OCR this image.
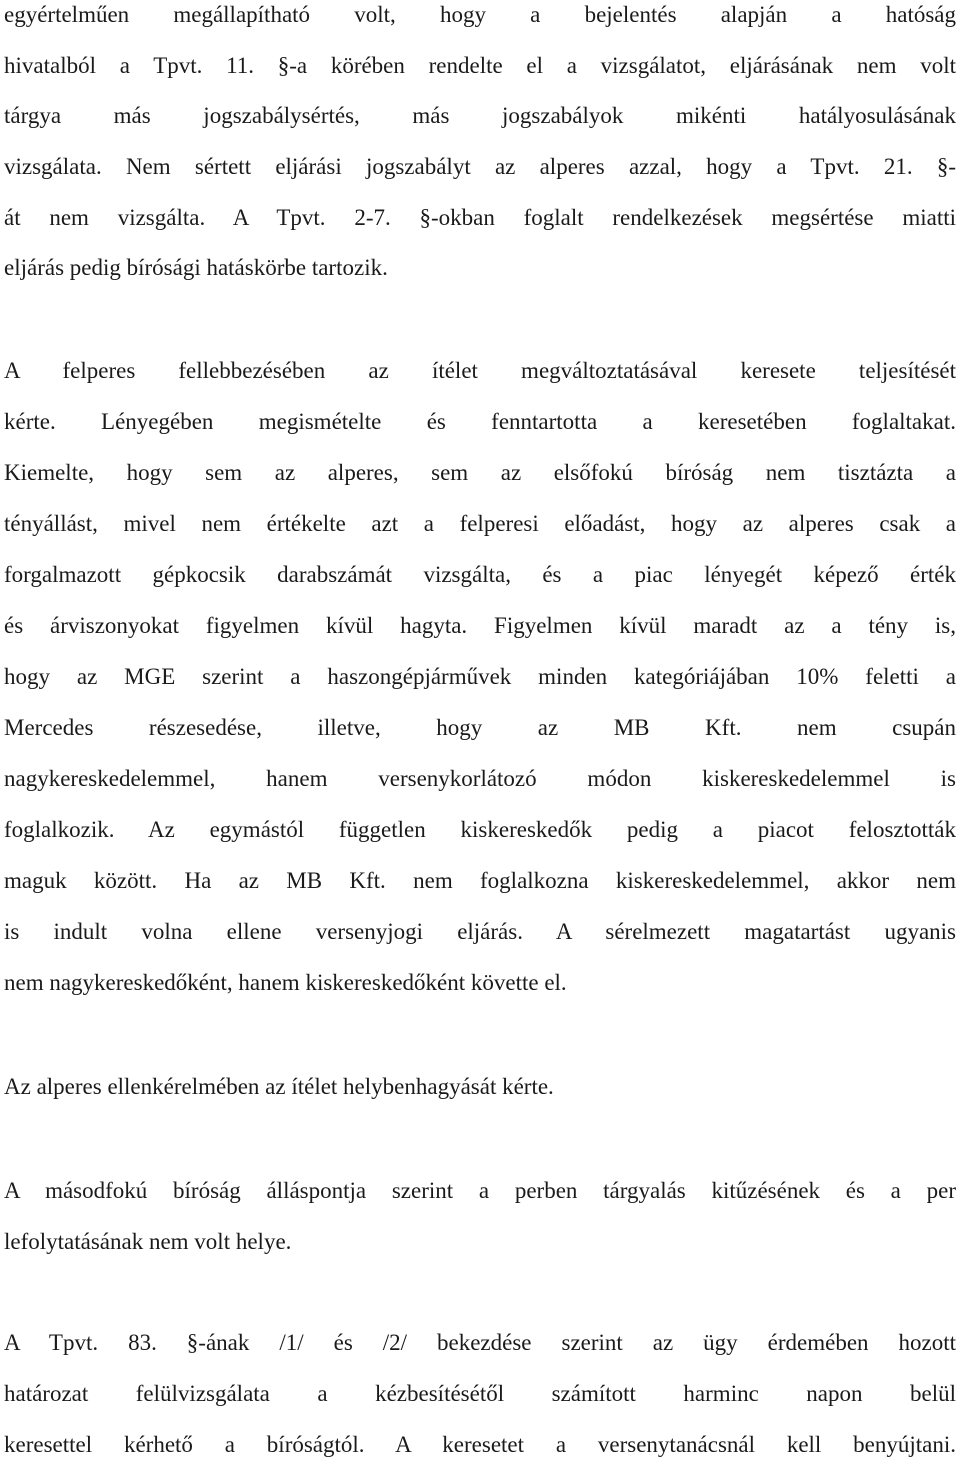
egyértelműen megállapítható volt, hogy a bejelentés alapján a hatóság
hivatalból a Tpvt. 11. §-a körében rendelte el a vizsgálatot, eljárásának nem volt
tárgya más jogszabálysértés, más jogszabályok mikénti hatályosulásának
vizsgálata. Nem sértett eljárási jogszabályt az alperes azzal, hogy a Tpvt. 21. §-
át nem vizsgálta. A Tpvt. 2-7. §-okban foglalt rendelkezések megsértése miatti
eljárás pedig bírósági hatáskörbe tartozik.
A felperes fellebbezésében az ítélet megváltoztatásával keresete teljesítését
kérte. Lényegében megismételte és fenntartotta a keresetében foglaltakat.
Kiemelte, hogy sem az alperes, sem az elsőfokú bíróság nem tisztázta a
tényállást, mivel nem értékelte azt a felperesi előadást, hogy az alperes csak a
forgalmazott gépkocsik darabszámát vizsgálta, és a piac lényegét képező érték
és árviszonyokat figyelmen kívül hagyta. Figyelmen kívül maradt az a tény is,
hogy az MGE szerint a haszongépjárművek minden kategóriájában 10% feletti a
Mercedes részesedése, illetve, hogy az MB Kft. nem csupán
nagykereskedelemmel, hanem versenykorlátozó módon kiskereskedelemmel is
foglalkozik. Az egymástól független kiskereskedők pedig a piacot felosztották
maguk között. Ha az MB Kft. nem foglalkozna kiskereskedelemmel, akkor nem
is indult volna ellene versenyjogi eljárás. A sérelmezett magatartást ugyanis
nem nagykereskedőként, hanem kiskereskedőként követte el.
Az alperes ellenkérelmében az ítélet helybenhagyását kérte.
A másodfokú bíróság álláspontja szerint a perben tárgyalás kitűzésének és a per
lefolytatásának nem volt helye.
A Tpvt. 83. §-ának /1/ és /2/ bekezdése szerint az ügy érdemében hozott
határozat felülvizsgálata a kézbesítésétől számított harminc napon belül
keresettel kérhető a bíróságtól. A keresetet a versenytanácsnál kell benyújtani.
